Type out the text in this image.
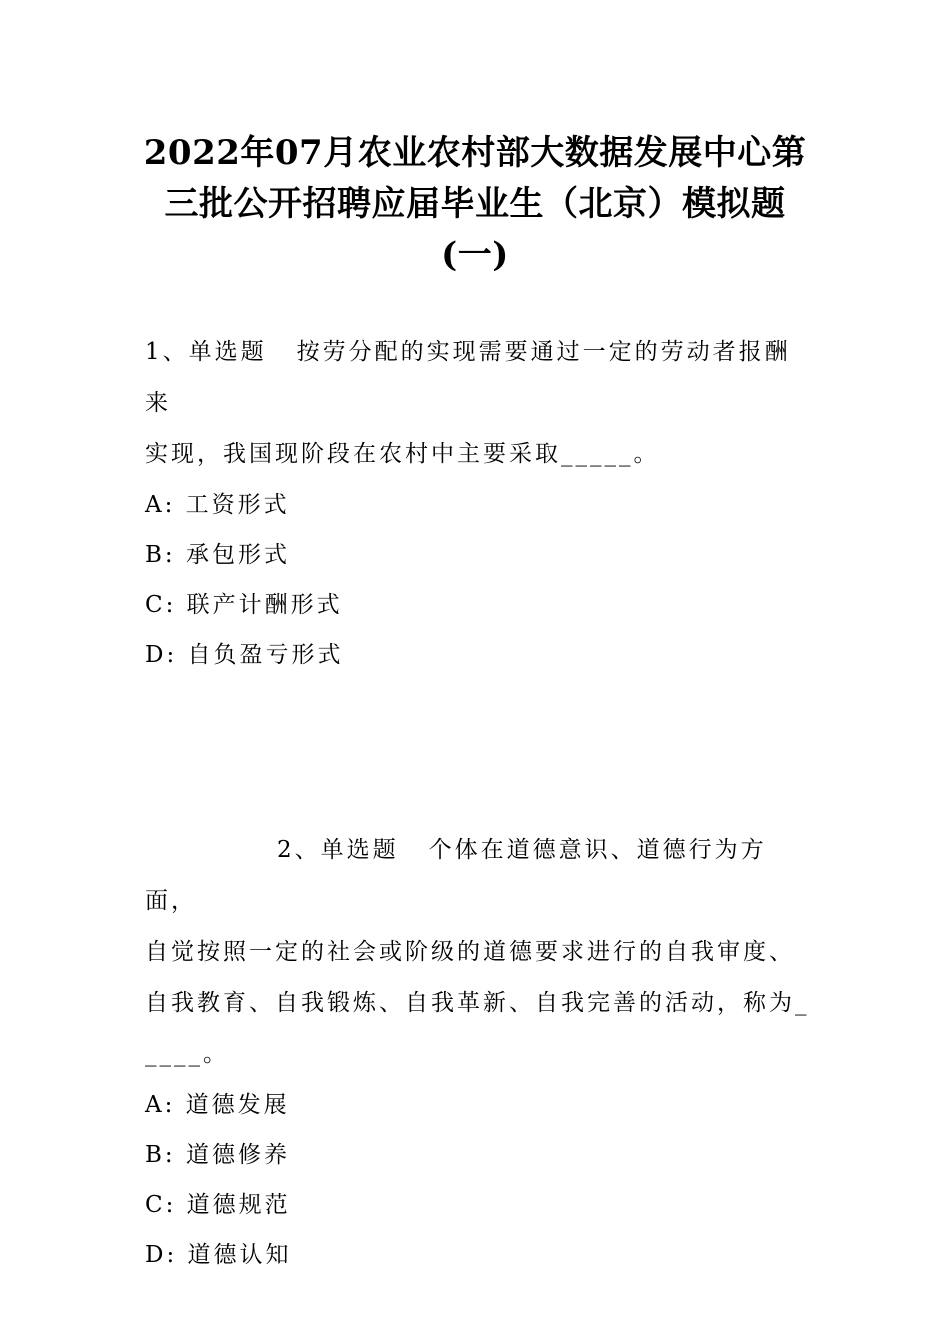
2022年07月农业农村部大数据发展中心第
三批公开招聘应届毕业生（北京）模拟题
(一)
1、单选题 按劳分配的实现需要通过一定的劳动者报酬来
实现，我国现阶段在农村中主要采取_____。
A: 工资形式
B: 承包形式
C: 联产计酬形式
D: 自负盈亏形式
2、单选题 个体在道德意识、道德行为方面，
自觉按照一定的社会或阶级的道德要求进行的自我审度、
自我教育、自我锻炼、自我革新、自我完善的活动，称为_
____。
A: 道德发展
B: 道德修养
C: 道德规范
D: 道德认知
